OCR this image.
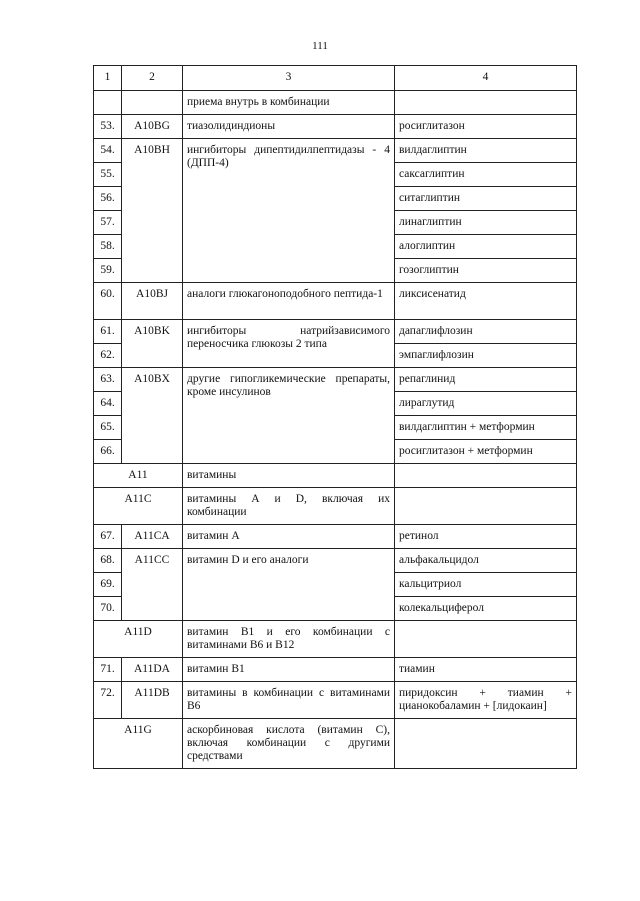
111
1	2	3	4
		приема внутрь в комбинации	
53.	A10BG	тиазолидиндионы	росиглитазон
54.	A10BH	ингибиторы дипептидилпептидазы - 4 (ДПП-4)	вилдаглиптин
55.			саксаглиптин
56.			ситаглиптин
57.			линаглиптин
58.			алоглиптин
59.			гозоглиптин
60.	A10BJ	аналоги глюкагоноподобного пептида-1	ликсисенатид
61.	A10BK	ингибиторы натрийзависимого переносчика глюкозы 2 типа	дапаглифлозин
62.			эмпаглифлозин
63.	A10BX	другие гипогликемические препараты, кроме инсулинов	репаглинид
64.			лираглутид
65.			вилдаглиптин + метформин
66.			росиглитазон + метформин
A11		витамины	
A11C		витамины А и D, включая их комбинации	
67.	A11CA	витамин А	ретинол
68.	A11CC	витамин D и его аналоги	альфакальцидол
69.			кальцитриол
70.			колекальциферол
A11D		витамин B1 и его комбинации с витаминами B6 и B12	
71.	A11DA	витамин B1	тиамин
72.	A11DB	витамины в комбинации с витаминами B6	пиридоксин + тиамин + цианокобаламин + [лидокаин]
A11G		аскорбиновая кислота (витамин С), включая комбинации с другими средствами	
